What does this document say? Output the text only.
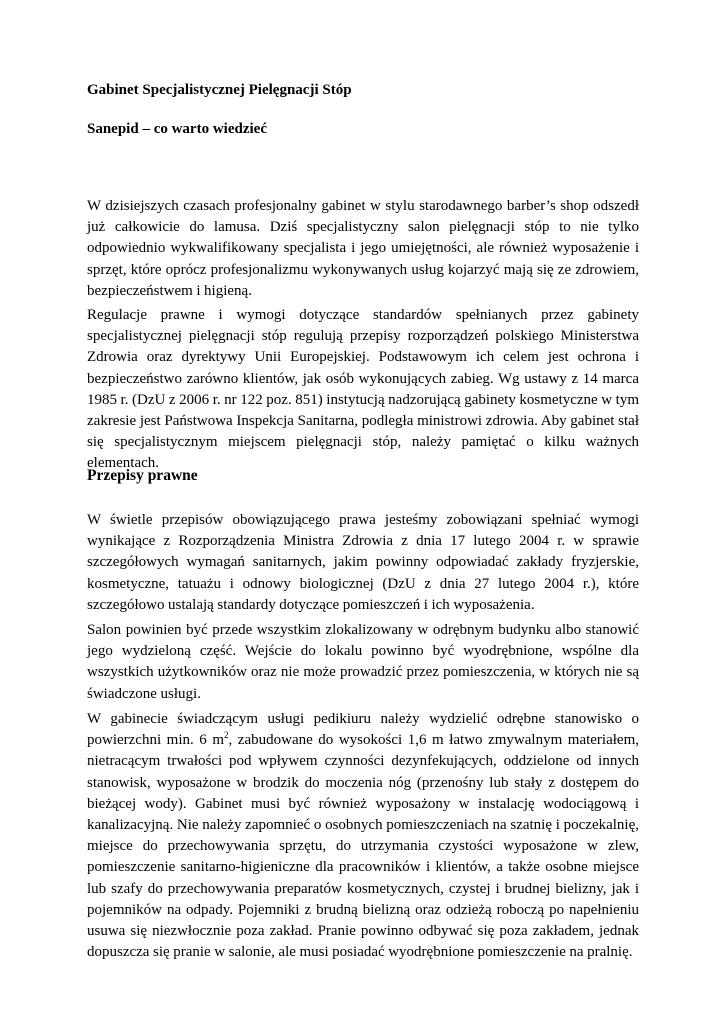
Gabinet Specjalistycznej Pielęgnacji Stóp
Sanepid – co warto wiedzieć

W dzisiejszych czasach profesjonalny gabinet w stylu starodawnego barber’s shop odszedł już całkowicie do lamusa. Dziś specjalistyczny salon pielęgnacji stóp to nie tylko odpowiednio wykwalifikowany specjalista i jego umiejętności, ale również wyposażenie i sprzęt, które oprócz profesjonalizmu wykonywanych usług kojarzyć mają się ze zdrowiem, bezpieczeństwem i higieną.

Regulacje prawne i wymogi dotyczące standardów spełnianych przez gabinety specjalistycznej pielęgnacji stóp regulują przepisy rozporządzeń polskiego Ministerstwa Zdrowia oraz dyrektywy Unii Europejskiej. Podstawowym ich celem jest ochrona i bezpieczeństwo zarówno klientów, jak osób wykonujących zabieg. Wg ustawy z 14 marca 1985 r. (DzU z 2006 r. nr 122 poz. 851) instytucją nadzorującą gabinety kosmetyczne w tym zakresie jest Państwowa Inspekcja Sanitarna, podległa ministrowi zdrowia. Aby gabinet stał się specjalistycznym miejscem pielęgnacji stóp, należy pamiętać o kilku ważnych elementach.

Przepisy prawne

W świetle przepisów obowiązującego prawa jesteśmy zobowiązani spełniać wymogi wynikające z Rozporządzenia Ministra Zdrowia z dnia 17 lutego 2004 r. w sprawie szczegółowych wymagań sanitarnych, jakim powinny odpowiadać zakłady fryzjerskie, kosmetyczne, tatuażu i odnowy biologicznej (DzU z dnia 27 lutego 2004 r.), które szczegółowo ustalają standardy dotyczące pomieszczeń i ich wyposażenia.

Salon powinien być przede wszystkim zlokalizowany w odrębnym budynku albo stanowić jego wydzieloną część. Wejście do lokalu powinno być wyodrębnione, wspólne dla wszystkich użytkowników oraz nie może prowadzić przez pomieszczenia, w których nie są świadczone usługi.

W gabinecie świadczącym usługi pedikiuru należy wydzielić odrębne stanowisko o powierzchni min. 6 $m^2$, zabudowane do wysokości 1,6 m łatwo zmywalnym materiałem, nietracącym trwałości pod wpływem czynności dezynfekujących, oddzielone od innych stanowisk, wyposażone w brodzik do moczenia nóg (przenośny lub stały z dostępem do bieżącej wody). Gabinet musi być również wyposażony w instalację wodociągową i kanalizacyjną. Nie należy zapomnieć o osobnych pomieszczeniach na szatnię i poczekalnię, miejsce do przechowywania sprzętu, do utrzymania czystości wyposażone w zlew, pomieszczenie sanitarno-higieniczne dla pracowników i klientów, a także osobne miejsce lub szafy do przechowywania preparatów kosmetycznych, czystej i brudnej bielizny, jak i pojemników na odpady. Pojemniki z brudną bielizną oraz odzieżą roboczą po napełnieniu usuwa się niezwłocznie poza zakład. Pranie powinno odbywać się poza zakładem, jednak dopuszcza się pranie w salonie, ale musi posiadać wyodrębnione pomieszczenie na pralnię.
